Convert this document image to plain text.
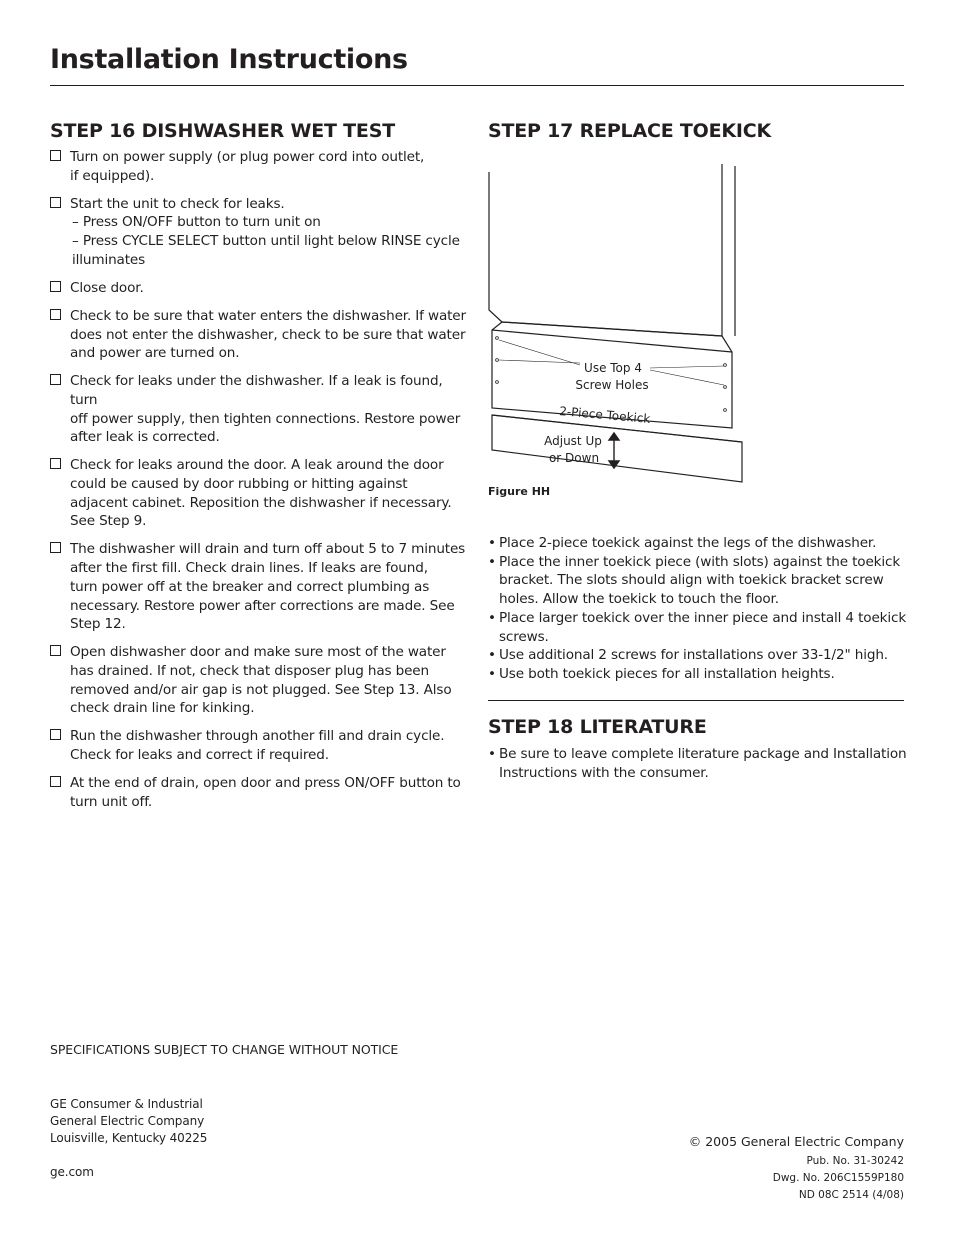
Installation Instructions
STEP 16 DISHWASHER WET TEST
Turn on power supply (or plug power cord into outlet,
if equipped).
Start the unit to check for leaks.
– Press ON/OFF button to turn unit on
– Press CYCLE SELECT button until light below RINSE cycle
illuminates
Close door.
Check to be sure that water enters the dishwasher. If water
does not enter the dishwasher, check to be sure that water
and power are turned on.
Check for leaks under the dishwasher. If a leak is found, turn
off power supply, then tighten connections. Restore power
after leak is corrected.
Check for leaks around the door. A leak around the door
could be caused by door rubbing or hitting against
adjacent cabinet. Reposition the dishwasher if necessary.
See Step 9.
The dishwasher will drain and turn off about 5 to 7 minutes
after the first fill. Check drain lines. If leaks are found,
turn power off at the breaker and correct plumbing as
necessary. Restore power after corrections are made. See
Step 12.
Open dishwasher door and make sure most of the water
has drained. If not, check that disposer plug has been
removed and/or air gap is not plugged. See Step 13. Also
check drain line for kinking.
Run the dishwasher through another fill and drain cycle.
Check for leaks and correct if required.
At the end of drain, open door and press ON/OFF button to
turn unit off.
STEP 17 REPLACE TOEKICK
Use Top 4
Screw Holes
2-Piece Toekick
Adjust Up
or Down
Figure HH
• Place 2-piece toekick against the legs of the dishwasher.
• Place the inner toekick piece (with slots) against the toekick
bracket. The slots should align with toekick bracket screw
holes. Allow the toekick to touch the floor.
• Place larger toekick over the inner piece and install 4 toekick
screws.
• Use additional 2 screws for installations over 33-1/2" high.
• Use both toekick pieces for all installation heights.
STEP 18 LITERATURE
• Be sure to leave complete literature package and Installation
Instructions with the consumer.
SPECIFICATIONS SUBJECT TO CHANGE WITHOUT NOTICE
GE Consumer & Industrial
General Electric Company
Louisville, Kentucky 40225
ge.com
© 2005 General Electric Company
Pub. No. 31-30242
Dwg. No. 206C1559P180
ND 08C 2514 (4/08)
